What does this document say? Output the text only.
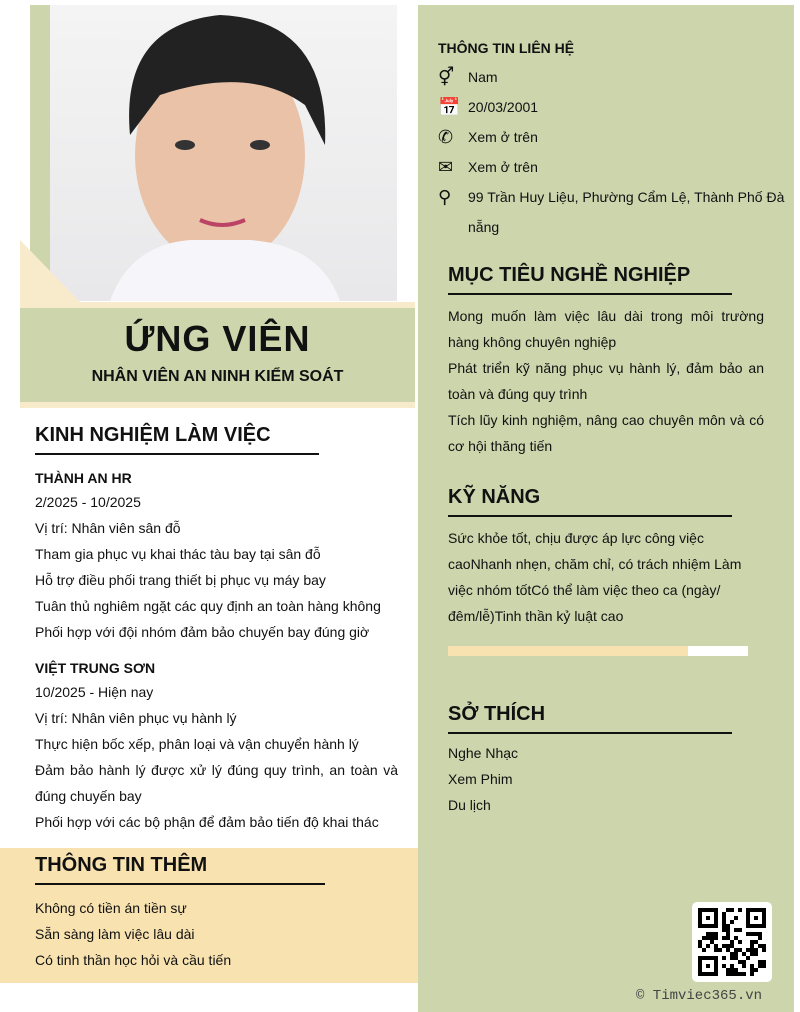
ỨNG VIÊN
NHÂN VIÊN AN NINH KIỂM SOÁT
KINH NGHIỆM LÀM VIỆC
THÀNH AN HR
2/2025 - 10/2025
Vị trí: Nhân viên sân đỗ
Tham gia phục vụ khai thác tàu bay tại sân đỗ
Hỗ trợ điều phối trang thiết bị phục vụ máy bay
Tuân thủ nghiêm ngặt các quy định an toàn hàng không
Phối hợp với đội nhóm đảm bảo chuyến bay đúng giờ
VIỆT TRUNG SƠN
10/2025 - Hiện nay
Vị trí: Nhân viên phục vụ hành lý
Thực hiện bốc xếp, phân loại và vận chuyển hành lý
Đảm bảo hành lý được xử lý đúng quy trình, an toàn và đúng chuyến bay
Phối hợp với các bộ phận để đảm bảo tiến độ khai thác
THÔNG TIN THÊM
Không có tiền án tiền sự
Sẵn sàng làm việc lâu dài
Có tinh thần học hỏi và cầu tiến
THÔNG TIN LIÊN HỆ
⚥ Nam
📅 20/03/2001
✆	Xem ở trên
✉	Xem ở trên
⚲	99 Trần Huy Liệu, Phường Cẩm Lệ, Thành Phố Đà nẵng
MỤC TIÊU NGHỀ NGHIỆP
Mong muốn làm việc lâu dài trong môi trường hàng không chuyên nghiệp
Phát triển kỹ năng phục vụ hành lý, đảm bảo an toàn và đúng quy trình
Tích lũy kinh nghiệm, nâng cao chuyên môn và có cơ hội thăng tiến
KỸ NĂNG
Sức khỏe tốt, chịu được áp lực công việc caoNhanh nhẹn, chăm chỉ, có trách nhiệm Làm việc nhóm tốtCó thể làm việc theo ca (ngày/ đêm/lễ)Tinh thần kỷ luật cao
SỞ THÍCH
Nghe Nhạc
Xem Phim
Du lịch
© Timviec365.vn
